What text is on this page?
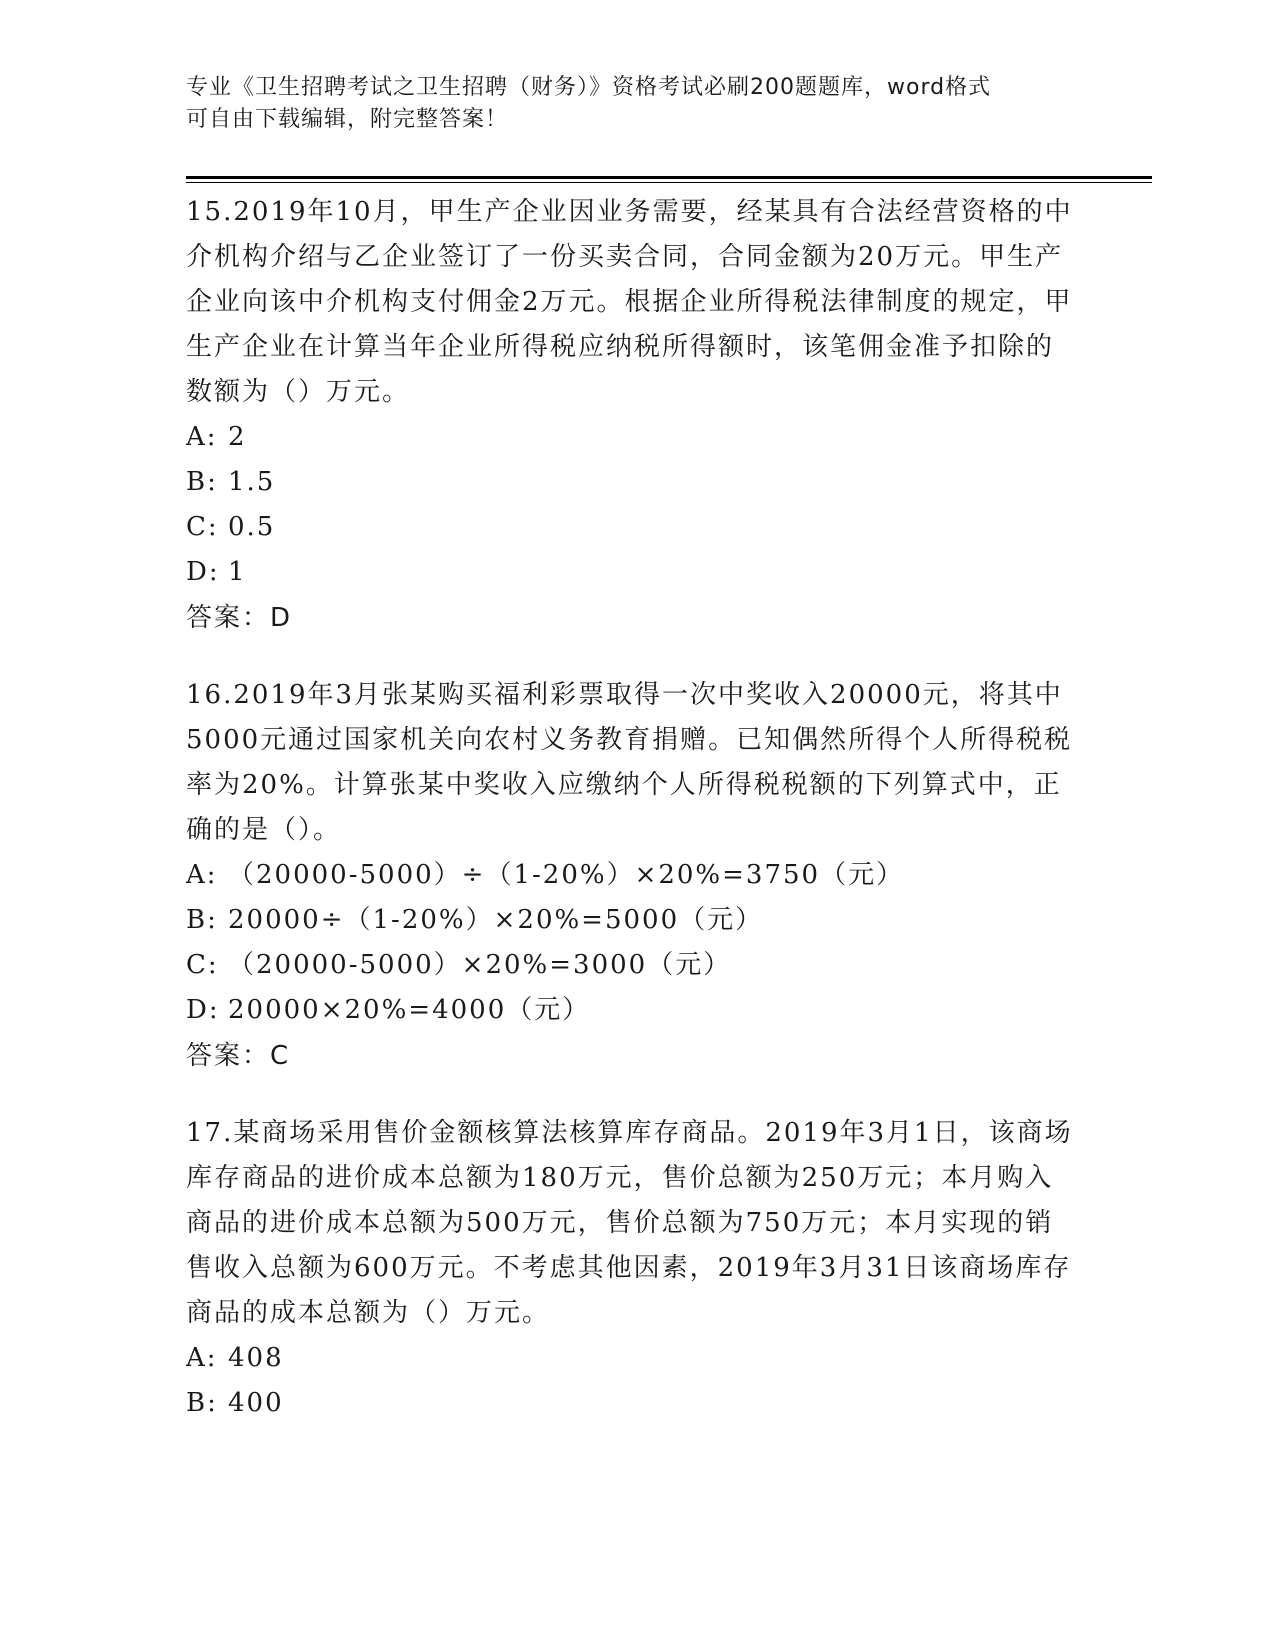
专业《卫生招聘考试之卫生招聘（财务）》资格考试必刷200题题库，word格式
可自由下载编辑，附完整答案！

15.2019年10月，甲生产企业因业务需要，经某具有合法经营资格的中介机构介绍与乙企业签订了一份买卖合同，合同金额为20万元。甲生产企业向该中介机构支付佣金2万元。根据企业所得税法律制度的规定，甲生产企业在计算当年企业所得税应纳税所得额时，该笔佣金准予扣除的数额为（）万元。

A: 2

B: 1.5

C: 0.5

D: 1

答案：D

16.2019年3月张某购买福利彩票取得一次中奖收入20000元，将其中5000元通过国家机关向农村义务教育捐赠。已知偶然所得个人所得税税率为20%。计算张某中奖收入应缴纳个人所得税税额的下列算式中，正确的是（）。

A: （20000-5000）÷（1-20%）×20%=3750（元）

B: 20000÷（1-20%）×20%=5000（元）

C: （20000-5000）×20%=3000（元）

D: 20000×20%=4000（元）

答案：C

17.某商场采用售价金额核算法核算库存商品。2019年3月1日，该商场库存商品的进价成本总额为180万元，售价总额为250万元；本月购入商品的进价成本总额为500万元，售价总额为750万元；本月实现的销售收入总额为600万元。不考虑其他因素，2019年3月31日该商场库存商品的成本总额为（）万元。

A: 408

B: 400
